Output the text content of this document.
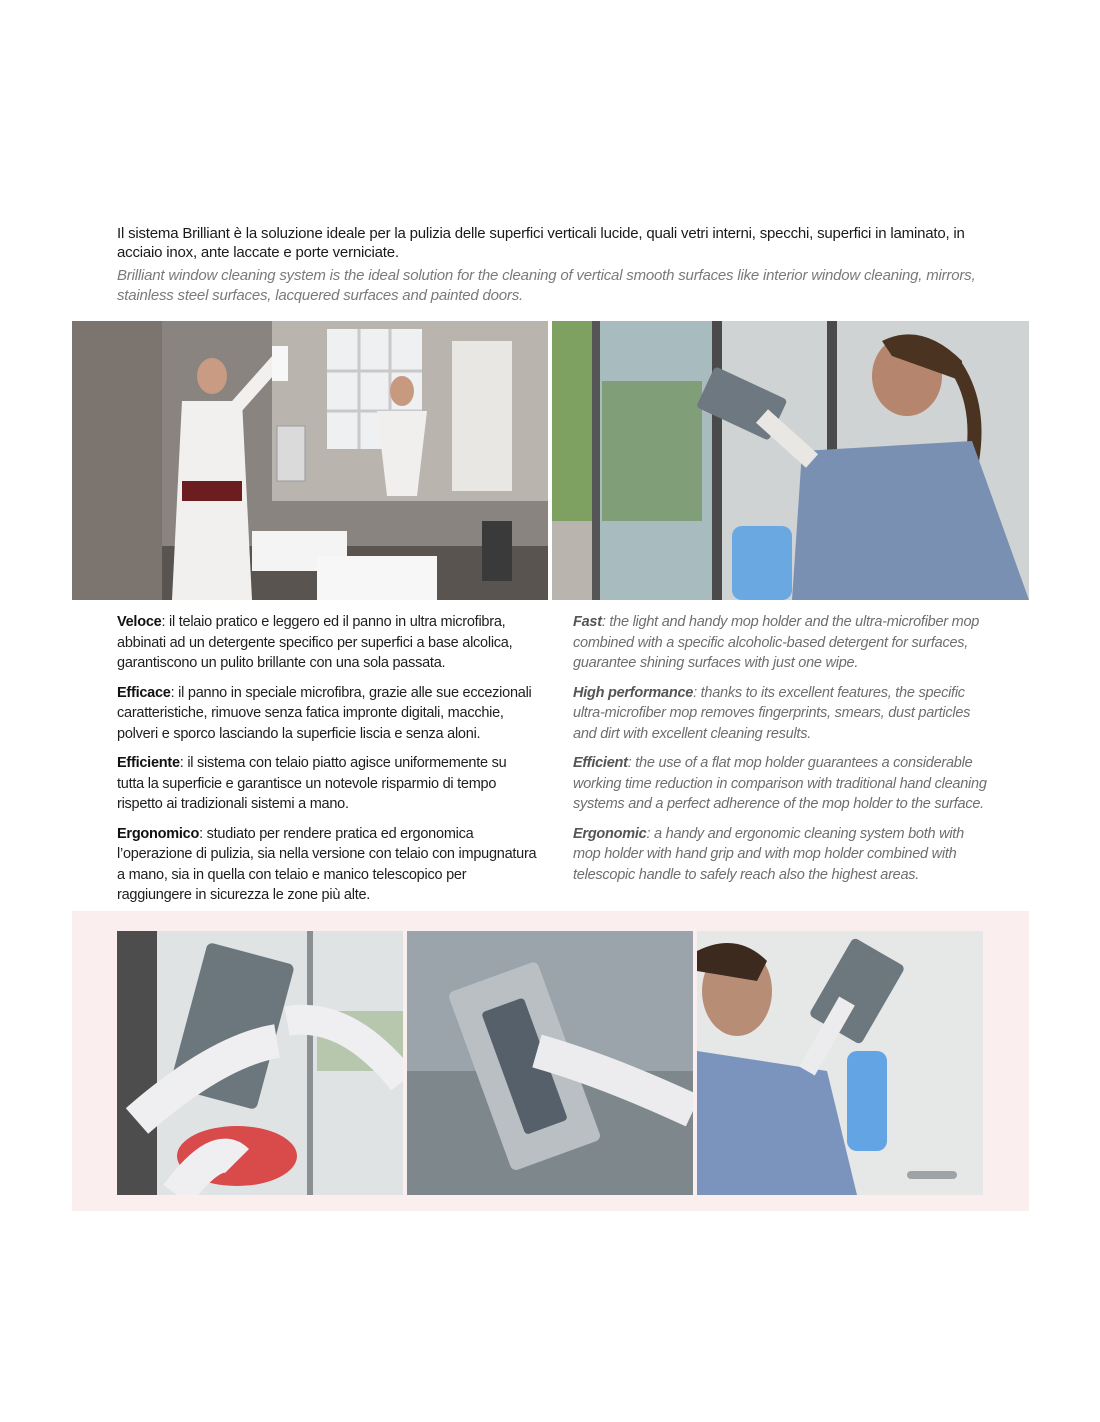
Il sistema Brilliant è la soluzione ideale per la pulizia delle superfici verticali lucide, quali vetri interni, specchi, superfici in laminato, in acciaio inox, ante laccate e porte verniciate.

Brilliant window cleaning system is the ideal solution for the cleaning of vertical smooth surfaces like interior window cleaning, mirrors, stainless steel surfaces, lacquered surfaces and painted doors.

Veloce: il telaio pratico e leggero ed il panno in ultra microfibra, abbinati ad un detergente specifico per superfici a base alcolica, garantiscono un pulito brillante con una sola passata.

Efficace: il panno in speciale microfibra, grazie alle sue eccezionali caratteristiche, rimuove senza fatica impronte digitali, macchie, polveri e sporco lasciando la superficie liscia e senza aloni.

Efficiente: il sistema con telaio piatto agisce uniformemente su tutta la superficie e garantisce un notevole risparmio di tempo rispetto ai tradizionali sistemi a mano.

Ergonomico: studiato per rendere pratica ed ergonomica l’operazione di pulizia, sia nella versione con telaio con impugnatura a mano, sia in quella con telaio e manico telescopico per raggiungere in sicurezza le zone più alte.

Fast: the light and handy mop holder and the ultra-microfiber mop combined with a specific alcoholic-based detergent for surfaces, guarantee shining surfaces with just one wipe.

High performance: thanks to its excellent features, the specific ultra-microfiber mop removes fingerprints, smears, dust particles and dirt with excellent cleaning results.

Efficient: the use of a flat mop holder guarantees a considerable working time reduction in comparison with traditional hand cleaning systems and a perfect adherence of the mop holder to the surface.

Ergonomic: a handy and ergonomic cleaning system both with mop holder with hand grip and with mop holder combined with telescopic handle to safely reach also the highest areas.
